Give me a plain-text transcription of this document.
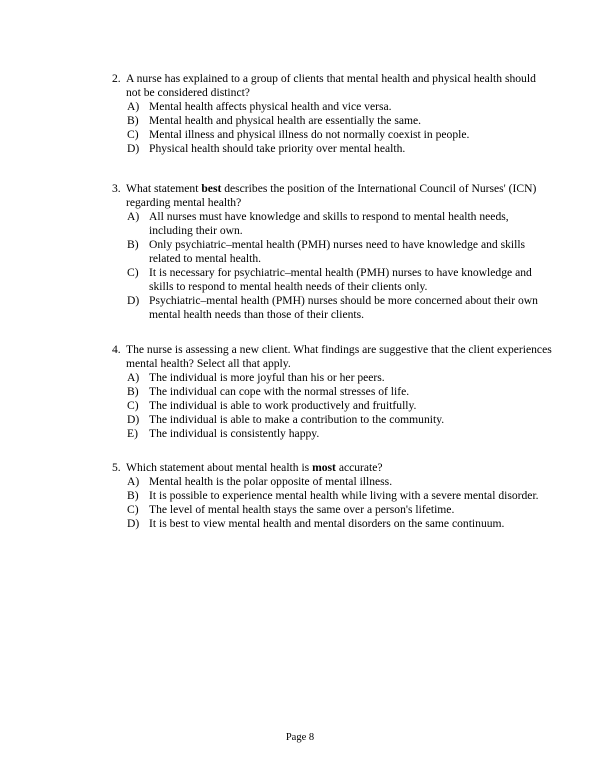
2. A nurse has explained to a group of clients that mental health and physical health should not be considered distinct?
A) Mental health affects physical health and vice versa.
B) Mental health and physical health are essentially the same.
C) Mental illness and physical illness do not normally coexist in people.
D) Physical health should take priority over mental health.
3. What statement best describes the position of the International Council of Nurses' (ICN) regarding mental health?
A) All nurses must have knowledge and skills to respond to mental health needs, including their own.
B) Only psychiatric–mental health (PMH) nurses need to have knowledge and skills related to mental health.
C) It is necessary for psychiatric–mental health (PMH) nurses to have knowledge and skills to respond to mental health needs of their clients only.
D) Psychiatric–mental health (PMH) nurses should be more concerned about their own mental health needs than those of their clients.
4. The nurse is assessing a new client. What findings are suggestive that the client experiences mental health? Select all that apply.
A) The individual is more joyful than his or her peers.
B) The individual can cope with the normal stresses of life.
C) The individual is able to work productively and fruitfully.
D) The individual is able to make a contribution to the community.
E) The individual is consistently happy.
5. Which statement about mental health is most accurate?
A) Mental health is the polar opposite of mental illness.
B) It is possible to experience mental health while living with a severe mental disorder.
C) The level of mental health stays the same over a person's lifetime.
D) It is best to view mental health and mental disorders on the same continuum.
Page 8
